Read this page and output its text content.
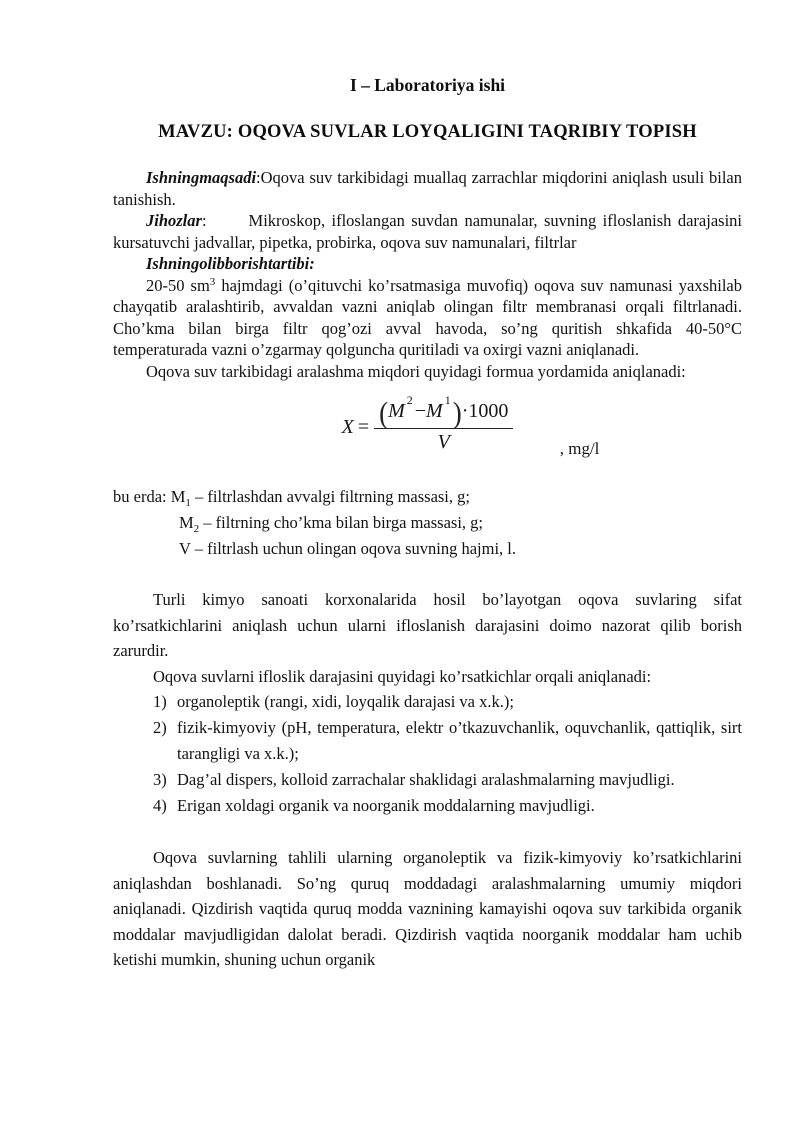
I – Laboratoriya ishi
MAVZU: OQOVA SUVLAR LOYQALIGINI TAQRIBIY TOPISH

Ishningmaqsadi:Oqova suv tarkibidagi muallaq zarrachlar miqdorini aniqlash usuli bilan tanishish.

Jihozlar:	Mikroskop, ifloslangan suvdan namunalar, suvning ifloslanish darajasini kursatuvchi jadvallar, pipetka, probirka, oqova suv namunalari, filtrlar

Ishningolibborishtartibi:

20-50 $sm^3$ hajmdagi (o’qituvchi ko’rsatmasiga muvofiq) oqova suv namunasi yaxshilab chayqatib aralashtirib, avvaldan vazni aniqlab olingan filtr membranasi orqali filtrlanadi. Cho’kma bilan birga filtr qog’ozi avval havoda, so’ng quritish shkafida 40-50°C temperaturada vazni o’zgarmay qolguncha quritiladi va oxirgi vazni aniqlanadi.

Oqova suv tarkibidagi aralashma miqdori quyidagi formua yordamida aniqlanadi:

$X = \frac{( M 2 - M 1 ) \cdot 1000}{V}$	, mg/l

bu erda: $M_1$ – filtrlashdan avvalgi filtrning massasi, g;

$M_2$ – filtrning cho’kma bilan birga massasi, g;

V – filtrlash uchun olingan oqova suvning hajmi, l.

Turli kimyo sanoati korxonalarida hosil bo’layotgan oqova suvlaring sifat ko’rsatkichlarini aniqlash uchun ularni ifloslanish darajasini doimo nazorat qilib borish zarurdir.

Oqova suvlarni ifloslik darajasini quyidagi ko’rsatkichlar orqali aniqlanadi:

1) organoleptik (rangi, xidi, loyqalik darajasi va x.k.);
2) fizik-kimyoviy (pH, temperatura, elektr o’tkazuvchanlik, oquvchanlik, qattiqlik, sirt tarangligi va x.k.);
3) Dag’al dispers, kolloid zarrachalar shaklidagi aralashmalarning mavjudligi.
4) Erigan xoldagi organik va noorganik moddalarning mavjudligi.

Oqova suvlarning tahlili ularning organoleptik va fizik-kimyoviy ko’rsatkichlarini aniqlashdan boshlanadi. So’ng quruq moddadagi aralashmalarning umumiy miqdori aniqlanadi. Qizdirish vaqtida quruq modda vaznining kamayishi oqova suv tarkibida organik moddalar mavjudligidan dalolat beradi. Qizdirish vaqtida noorganik moddalar ham uchib ketishi mumkin, shuning uchun organik
